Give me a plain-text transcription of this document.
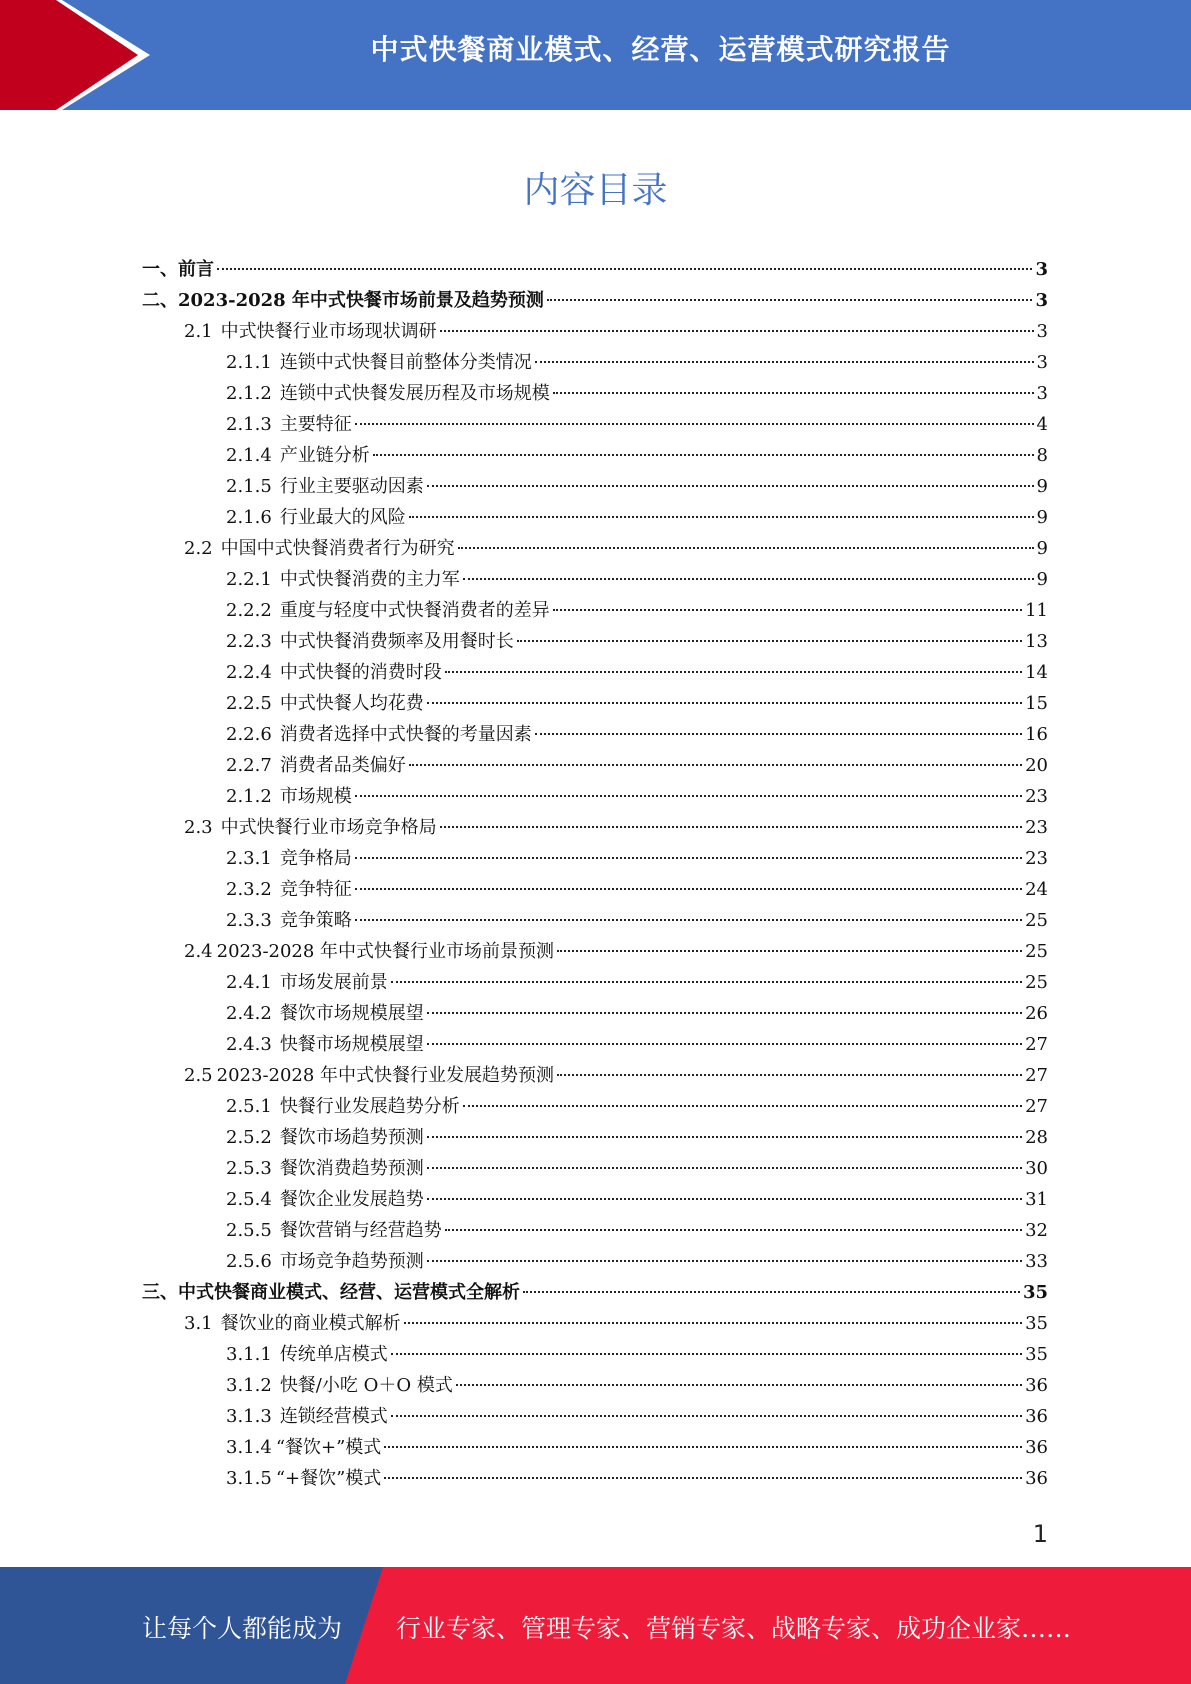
中式快餐商业模式、经营、运营模式研究报告
内容目录
一、 前言	3
二、 2023-2028 年中式快餐市场前景及趋势预测	3
2.1 中式快餐行业市场现状调研	3
2.1.1 连锁中式快餐目前整体分类情况	3
2.1.2 连锁中式快餐发展历程及市场规模	3
2.1.3 主要特征	4
2.1.4 产业链分析	8
2.1.5 行业主要驱动因素	9
2.1.6 行业最大的风险	9
2.2 中国中式快餐消费者行为研究	9
2.2.1 中式快餐消费的主力军	9
2.2.2 重度与轻度中式快餐消费者的差异	11
2.2.3 中式快餐消费频率及用餐时长	13
2.2.4 中式快餐的消费时段	14
2.2.5 中式快餐人均花费	15
2.2.6 消费者选择中式快餐的考量因素	16
2.2.7 消费者品类偏好	20
2.1.2 市场规模	23
2.3 中式快餐行业市场竞争格局	23
2.3.1 竞争格局	23
2.3.2 竞争特征	24
2.3.3 竞争策略	25
2.4 2023-2028 年中式快餐行业市场前景预测	25
2.4.1 市场发展前景	25
2.4.2 餐饮市场规模展望	26
2.4.3 快餐市场规模展望	27
2.5 2023-2028 年中式快餐行业发展趋势预测	27
2.5.1 快餐行业发展趋势分析	27
2.5.2 餐饮市场趋势预测	28
2.5.3 餐饮消费趋势预测	30
2.5.4 餐饮企业发展趋势	31
2.5.5 餐饮营销与经营趋势	32
2.5.6 市场竞争趋势预测	33
三、 中式快餐商业模式、经营、运营模式全解析	35
3.1 餐饮业的商业模式解析	35
3.1.1 传统单店模式	35
3.1.2 快餐/小吃 O＋O 模式	36
3.1.3 连锁经营模式	36
3.1.4 “餐饮+”模式	36
3.1.5 “+餐饮”模式	36
1
让每个人都能成为 行业专家、管理专家、营销专家、战略专家、成功企业家……
